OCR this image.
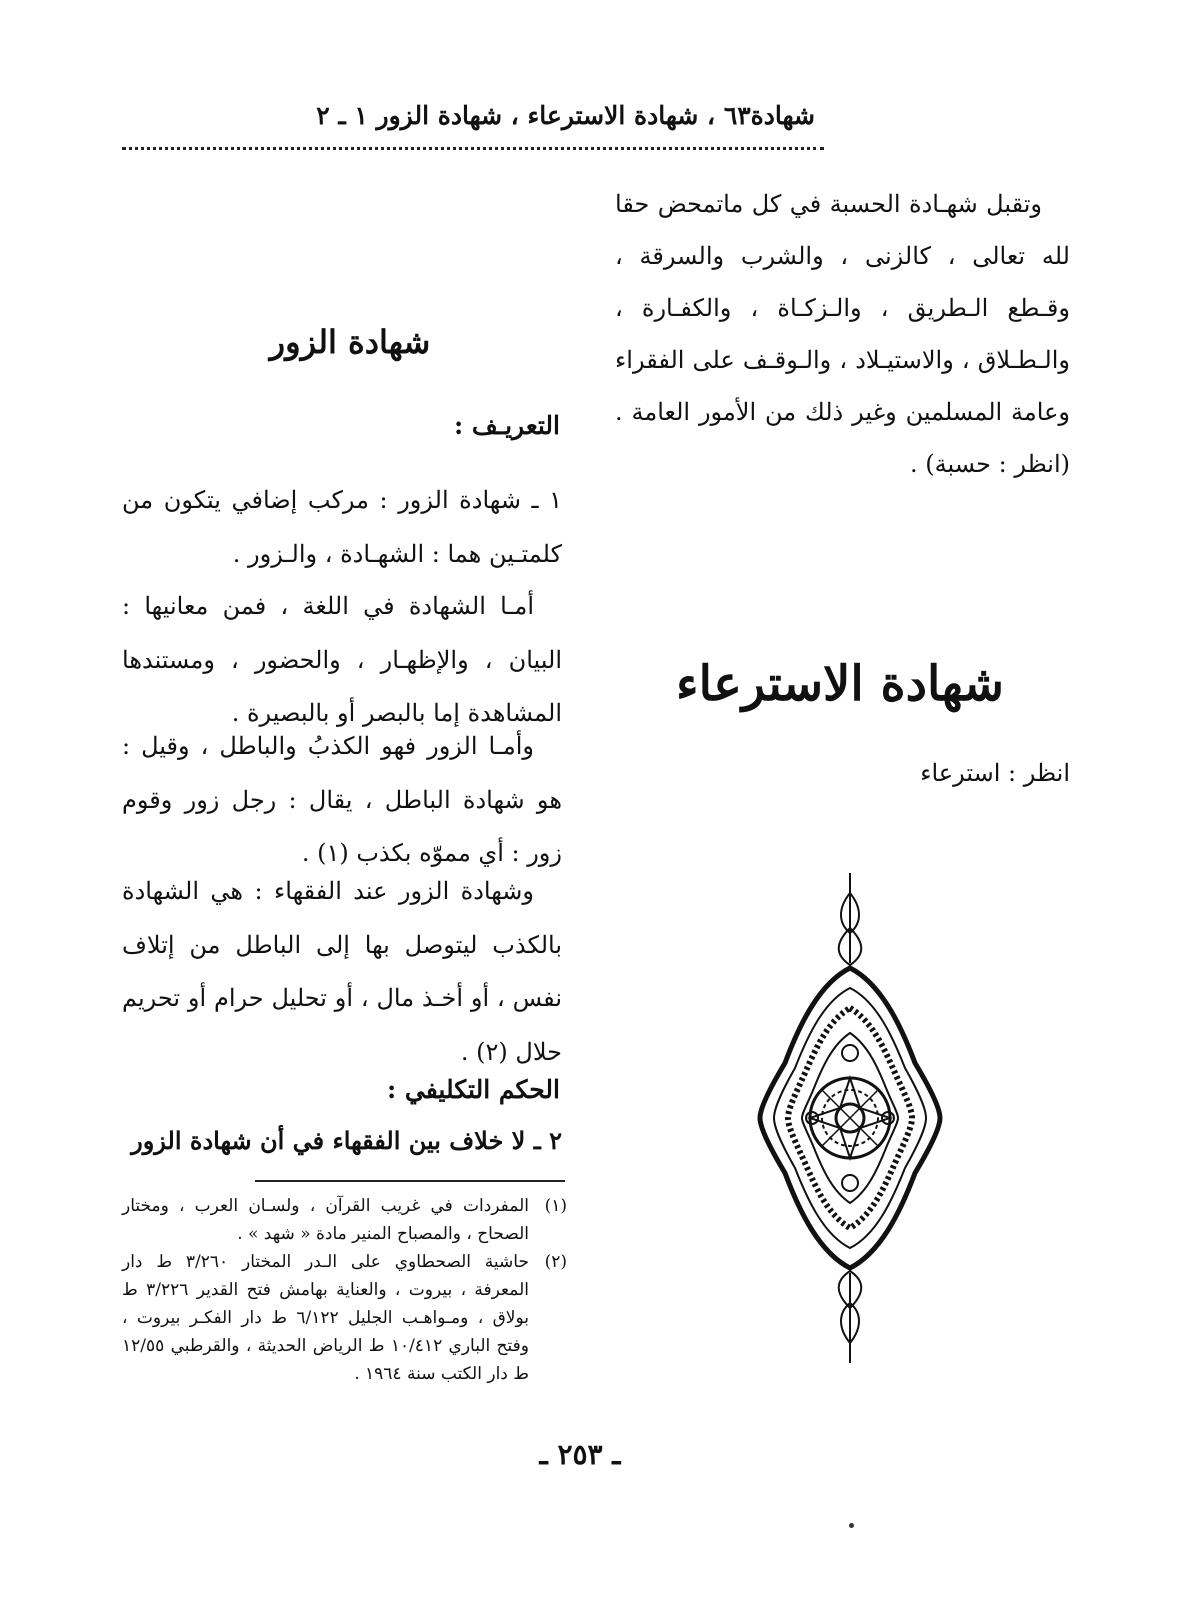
شهادة٦٣ ، شهادة الاسترعاء ، شهادة الزور ١ ـ ٢

وتقبل شهـادة الحسبة في كل ماتمحض حقا لله تعالى ، كالزنى ، والشرب والسرقة ، وقـطع الـطريق ، والـزكـاة ، والكفـارة ، والـطـلاق ، والاستيـلاد ، والـوقـف على الفقراء وعامة المسلمين وغير ذلك من الأمور العامة . (انظر : حسبة) .

شهادة الاسترعاء
انظر : استرعاء
شهادة الزور

التعريـف :

١ ـ شهادة الزور : مركب إضافي يتكون من كلمتـين هما : الشهـادة ، والـزور .

أمـا الشهادة في اللغة ، فمن معانيها : البيان ، والإظهـار ، والحضور ، ومستندها المشاهدة إما بالبصر أو بالبصيرة .

وأمـا الزور فهو الكذبُ والباطل ، وقيل : هو شهادة الباطل ، يقال : رجل زور وقوم زور : أي مموّه بكذب (١) .

وشهادة الزور عند الفقهاء : هي الشهادة بالكذب ليتوصل بها إلى الباطل من إتلاف نفس ، أو أخـذ مال ، أو تحليل حرام أو تحريم حلال (٢) .

الحكم التكليفي :

٢ ـ لا خلاف بين الفقهاء في أن شهادة الزور

(١)
المفردات في غريب القرآن ، ولسـان العرب ، ومختار الصحاح ، والمصباح المنير مادة « شهد » .
(٢)
حاشية الصحطاوي على الـدر المختار ٣/٢٦٠ ط دار المعرفة ، بيروت ، والعناية بهامش فتح القدير ٣/٢٢٦ ط بولاق ، ومـواهـب الجليل ٦/١٢٢ ط دار الفكـر بيروت ، وفتح الباري ١٠/٤١٢ ط الرياض الحديثة ، والقرطبي ١٢/٥٥ ط دار الكتب سنة ١٩٦٤ .
ـ ٢٥٣ ـ
